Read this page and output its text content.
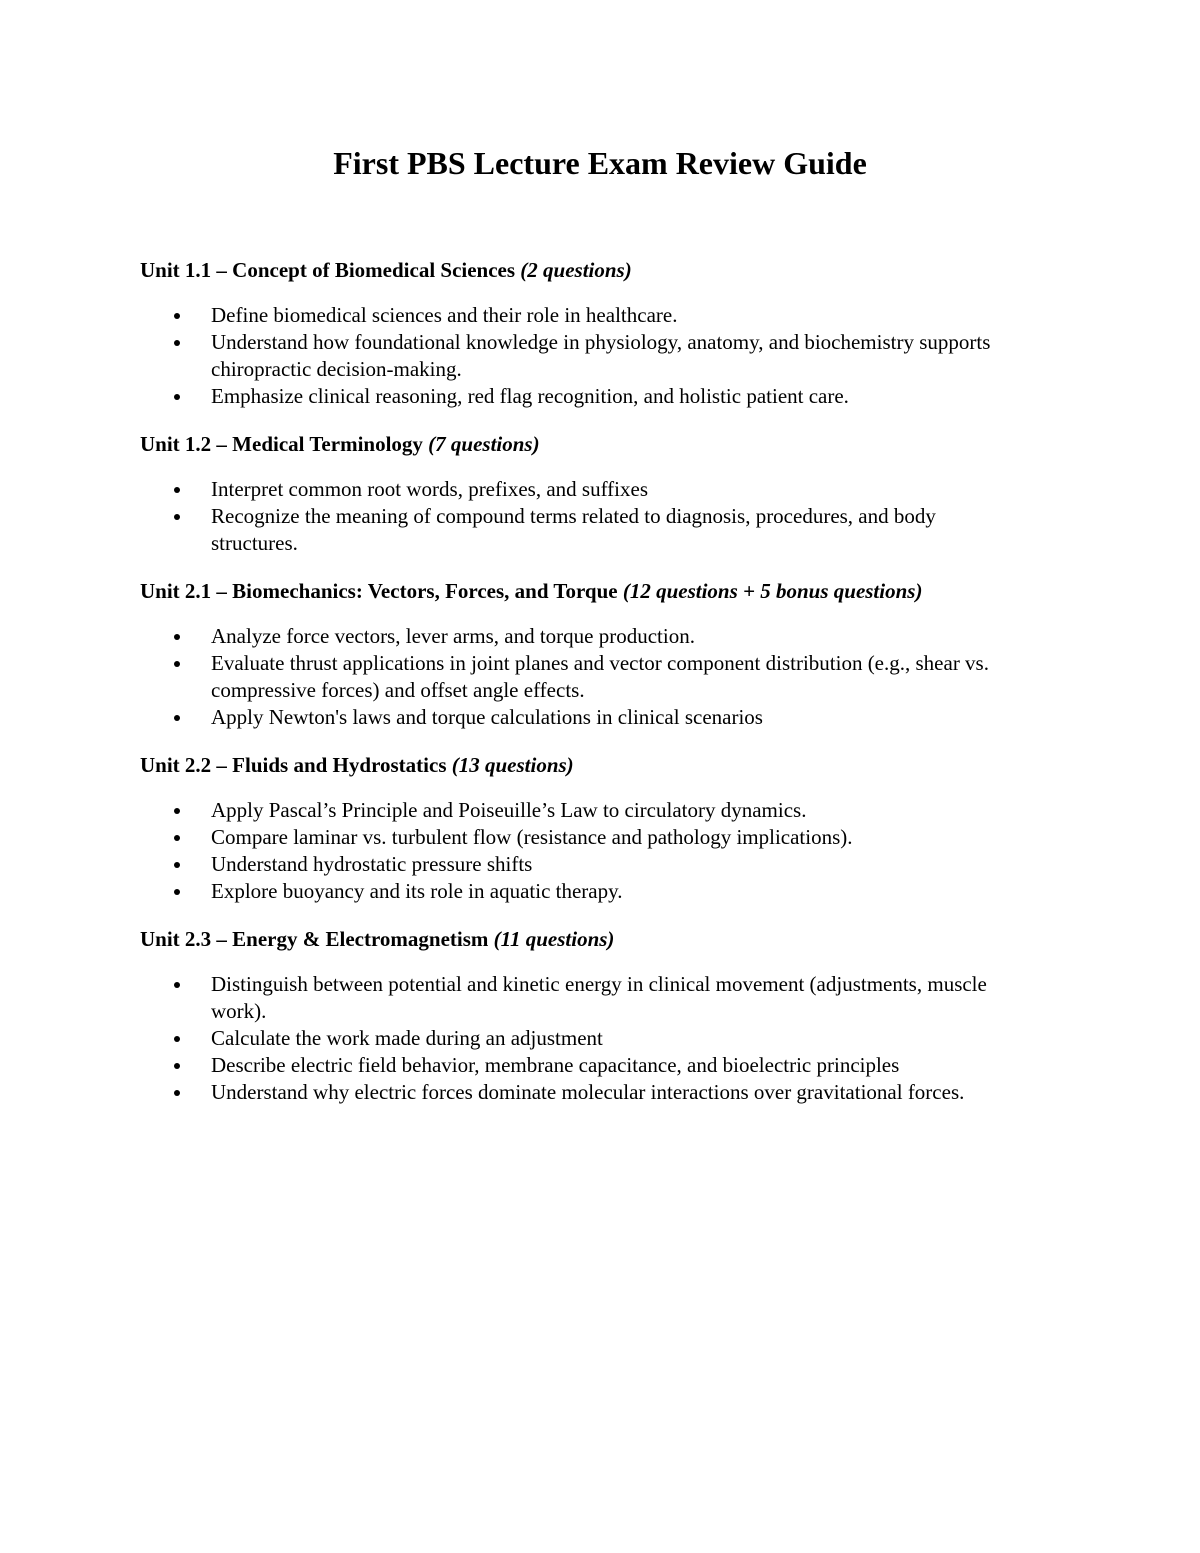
First PBS Lecture Exam Review Guide
Unit 1.1 – Concept of Biomedical Sciences (2 questions)
Define biomedical sciences and their role in healthcare.
Understand how foundational knowledge in physiology, anatomy, and biochemistry supports chiropractic decision-making.
Emphasize clinical reasoning, red flag recognition, and holistic patient care.
Unit 1.2 – Medical Terminology (7 questions)
Interpret common root words, prefixes, and suffixes
Recognize the meaning of compound terms related to diagnosis, procedures, and body structures.
Unit 2.1 – Biomechanics: Vectors, Forces, and Torque (12 questions + 5 bonus questions)
Analyze force vectors, lever arms, and torque production.
Evaluate thrust applications in joint planes and vector component distribution (e.g., shear vs. compressive forces) and offset angle effects.
Apply Newton's laws and torque calculations in clinical scenarios
Unit 2.2 – Fluids and Hydrostatics (13 questions)
Apply Pascal’s Principle and Poiseuille’s Law to circulatory dynamics.
Compare laminar vs. turbulent flow (resistance and pathology implications).
Understand hydrostatic pressure shifts
Explore buoyancy and its role in aquatic therapy.
Unit 2.3 – Energy & Electromagnetism (11 questions)
Distinguish between potential and kinetic energy in clinical movement (adjustments, muscle work).
Calculate the work made during an adjustment
Describe electric field behavior, membrane capacitance, and bioelectric principles
Understand why electric forces dominate molecular interactions over gravitational forces.
